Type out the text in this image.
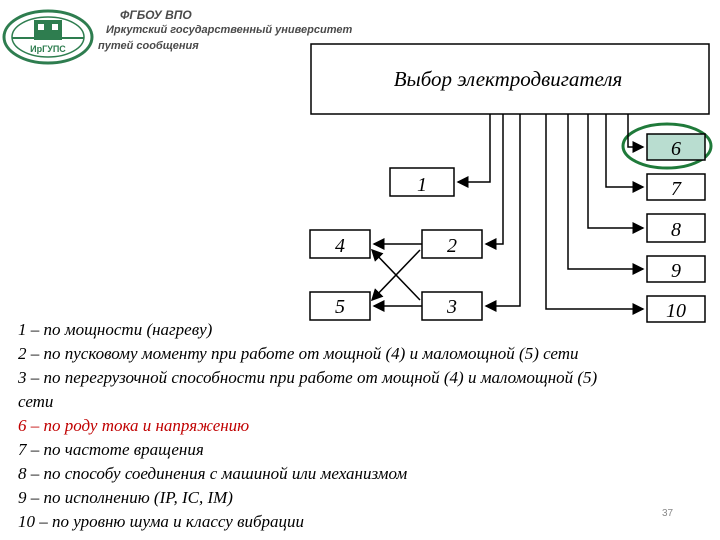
ИрГУПС
ФГБОУ ВПО
Иркутский государственный университет
путей сообщения
Выбор электродвигателя
1
4
5
2
3
6
7
8
9
10
1 – по мощности (нагреву)
2 – по пусковому моменту при работе от мощной (4) и маломощной (5) сети
3 – по перегрузочной способности при работе от мощной (4) и маломощной (5)
сети
6 – по роду тока и напряжению
7 – по частоте вращения
8 – по способу соединения с машиной или механизмом
9 – по исполнению (IP, IC, IM)
10 – по уровню шума и классу вибрации	37
